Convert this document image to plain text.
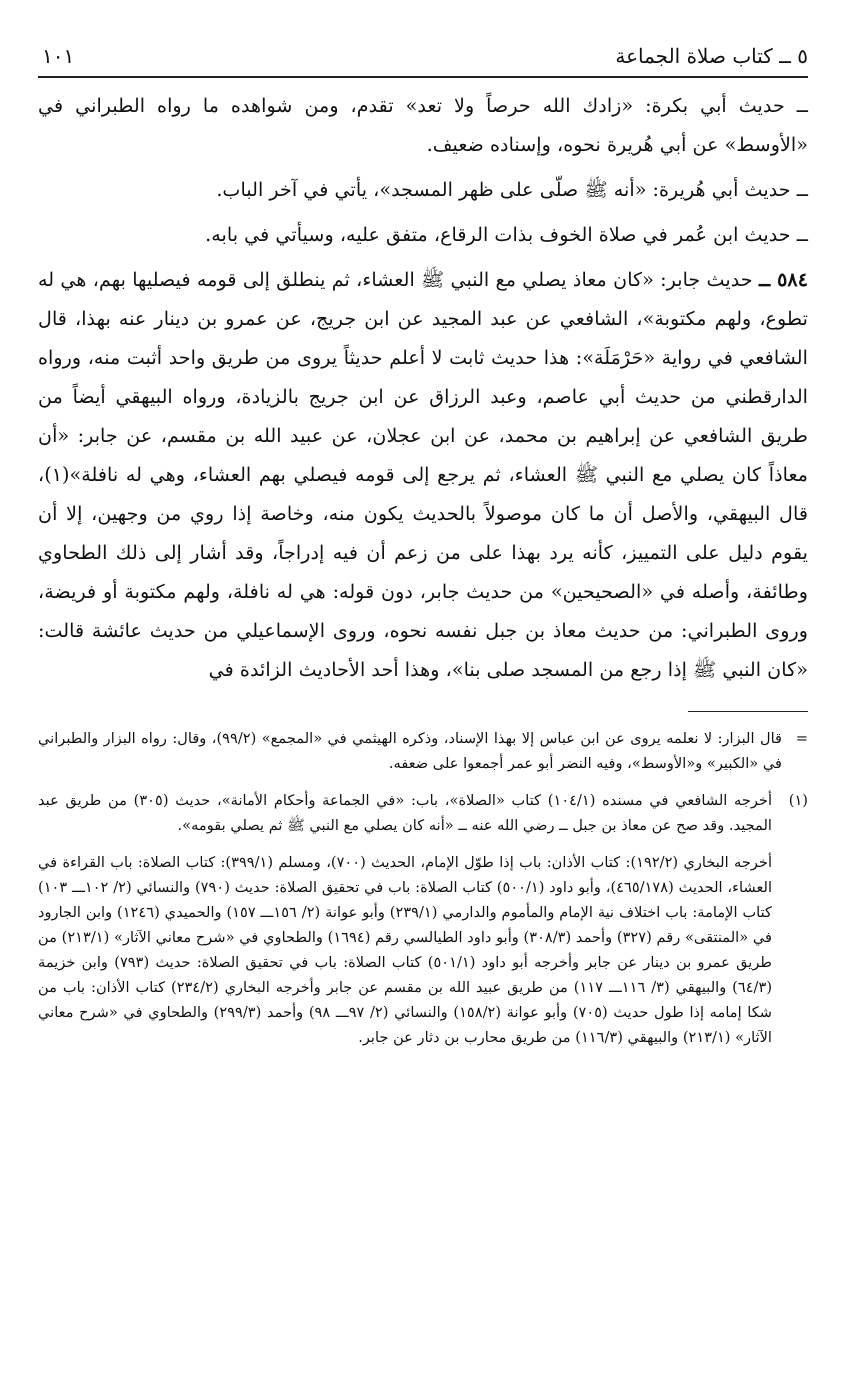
٥ ــ كتاب صلاة الجماعة
١٠١

ــ حديث أبي بكرة: «زادك الله حرصاً ولا تعد» تقدم، ومن شواهده ما رواه الطبراني في «الأوسط» عن أبي هُريرة نحوه، وإسناده ضعيف.

ــ حديث أبي هُريرة: «أنه ﷺ صلّى على ظهر المسجد»، يأتي في آخر الباب.

ــ حديث ابن عُمر في صلاة الخوف بذات الرقاع، متفق عليه، وسيأتي في بابه.

٥٨٤ ــ حديث جابر: «كان معاذ يصلي مع النبي ﷺ العشاء، ثم ينطلق إلى قومه فيصليها بهم، هي له تطوع، ولهم مكتوبة»، الشافعي عن عبد المجيد عن ابن جريج، عن عمرو بن دينار عنه بهذا، قال الشافعي في رواية «حَرْمَلَة»: هذا حديث ثابت لا أعلم حديثاً يروى من طريق واحد أثبت منه، ورواه الدارقطني من حديث أبي عاصم، وعبد الرزاق عن ابن جريج بالزيادة، ورواه البيهقي أيضاً من طريق الشافعي عن إبراهيم بن محمد، عن ابن عجلان، عن عبيد الله بن مقسم، عن جابر: «أن معاذاً كان يصلي مع النبي ﷺ العشاء، ثم يرجع إلى قومه فيصلي بهم العشاء، وهي له نافلة»(١)، قال البيهقي، والأصل أن ما كان موصولاً بالحديث يكون منه، وخاصة إذا روي من وجهين، إلا أن يقوم دليل على التمييز، كأنه يرد بهذا على من زعم أن فيه إدراجاً، وقد أشار إلى ذلك الطحاوي وطائفة، وأصله في «الصحيحين» من حديث جابر، دون قوله: هي له نافلة، ولهم مكتوبة أو فريضة، وروى الطبراني: من حديث معاذ بن جبل نفسه نحوه، وروى الإسماعيلي من حديث عائشة قالت: «كان النبي ﷺ إذا رجع من المسجد صلى بنا»، وهذا أحد الأحاديث الزائدة في

=
قال البزار: لا نعلمه يروى عن ابن عباس إلا بهذا الإسناد، وذكره الهيثمي في «المجمع» (٩٩/٢)، وقال: رواه البزار والطبراني في «الكبير» و«الأوسط»، وفيه النضر أبو عمر أجمعوا على ضعفه.

(١)
أخرجه الشافعي في مسنده (١٠٤/١) كتاب «الصلاة»، باب: «في الجماعة وأحكام الأمانة»، حديث (٣٠٥) من طريق عبد المجيد. وقد صح عن معاذ بن جبل ــ رضي الله عنه ــ «أنه كان يصلي مع النبي ﷺ ثم يصلي بقومه».

أخرجه البخاري (١٩٢/٢): كتاب الأذان: باب إذا طوّل الإمام، الحديث (٧٠٠)، ومسلم (٣٩٩/١): كتاب الصلاة: باب القراءة في العشاء، الحديث (٤٦٥/١٧٨)، وأبو داود (٥٠٠/١) كتاب الصلاة: باب في تحقيق الصلاة: حديث (٧٩٠) والنسائي (٢/ ١٠٢ـــ ١٠٣) كتاب الإمامة: باب اختلاف نية الإمام والمأموم والدارمي (٢٣٩/١) وأبو عوانة (٢/ ١٥٦ـــ ١٥٧) والحميدي (١٢٤٦) وابن الجارود في «المنتقى» رقم (٣٢٧) وأحمد (٣٠٨/٣) وأبو داود الطيالسي رقم (١٦٩٤) والطحاوي في «شرح معاني الآثار» (٢١٣/١) من طريق عمرو بن دينار عن جابر وأخرجه أبو داود (٥٠١/١) كتاب الصلاة: باب في تحقيق الصلاة: حديث (٧٩٣) وابن خزيمة (٦٤/٣) والبيهقي (٣/ ١١٦ـــ ١١٧) من طريق عبيد الله بن مقسم عن جابر وأخرجه البخاري (٢٣٤/٢) كتاب الأذان: باب من شكا إمامه إذا طول حديث (٧٠٥) وأبو عوانة (١٥٨/٢) والنسائي (٢/ ٩٧ـــ ٩٨) وأحمد (٢٩٩/٣) والطحاوي في «شرح معاني الآثار» (٢١٣/١) والبيهقي (١١٦/٣) من طريق محارب بن دثار عن جابر.
